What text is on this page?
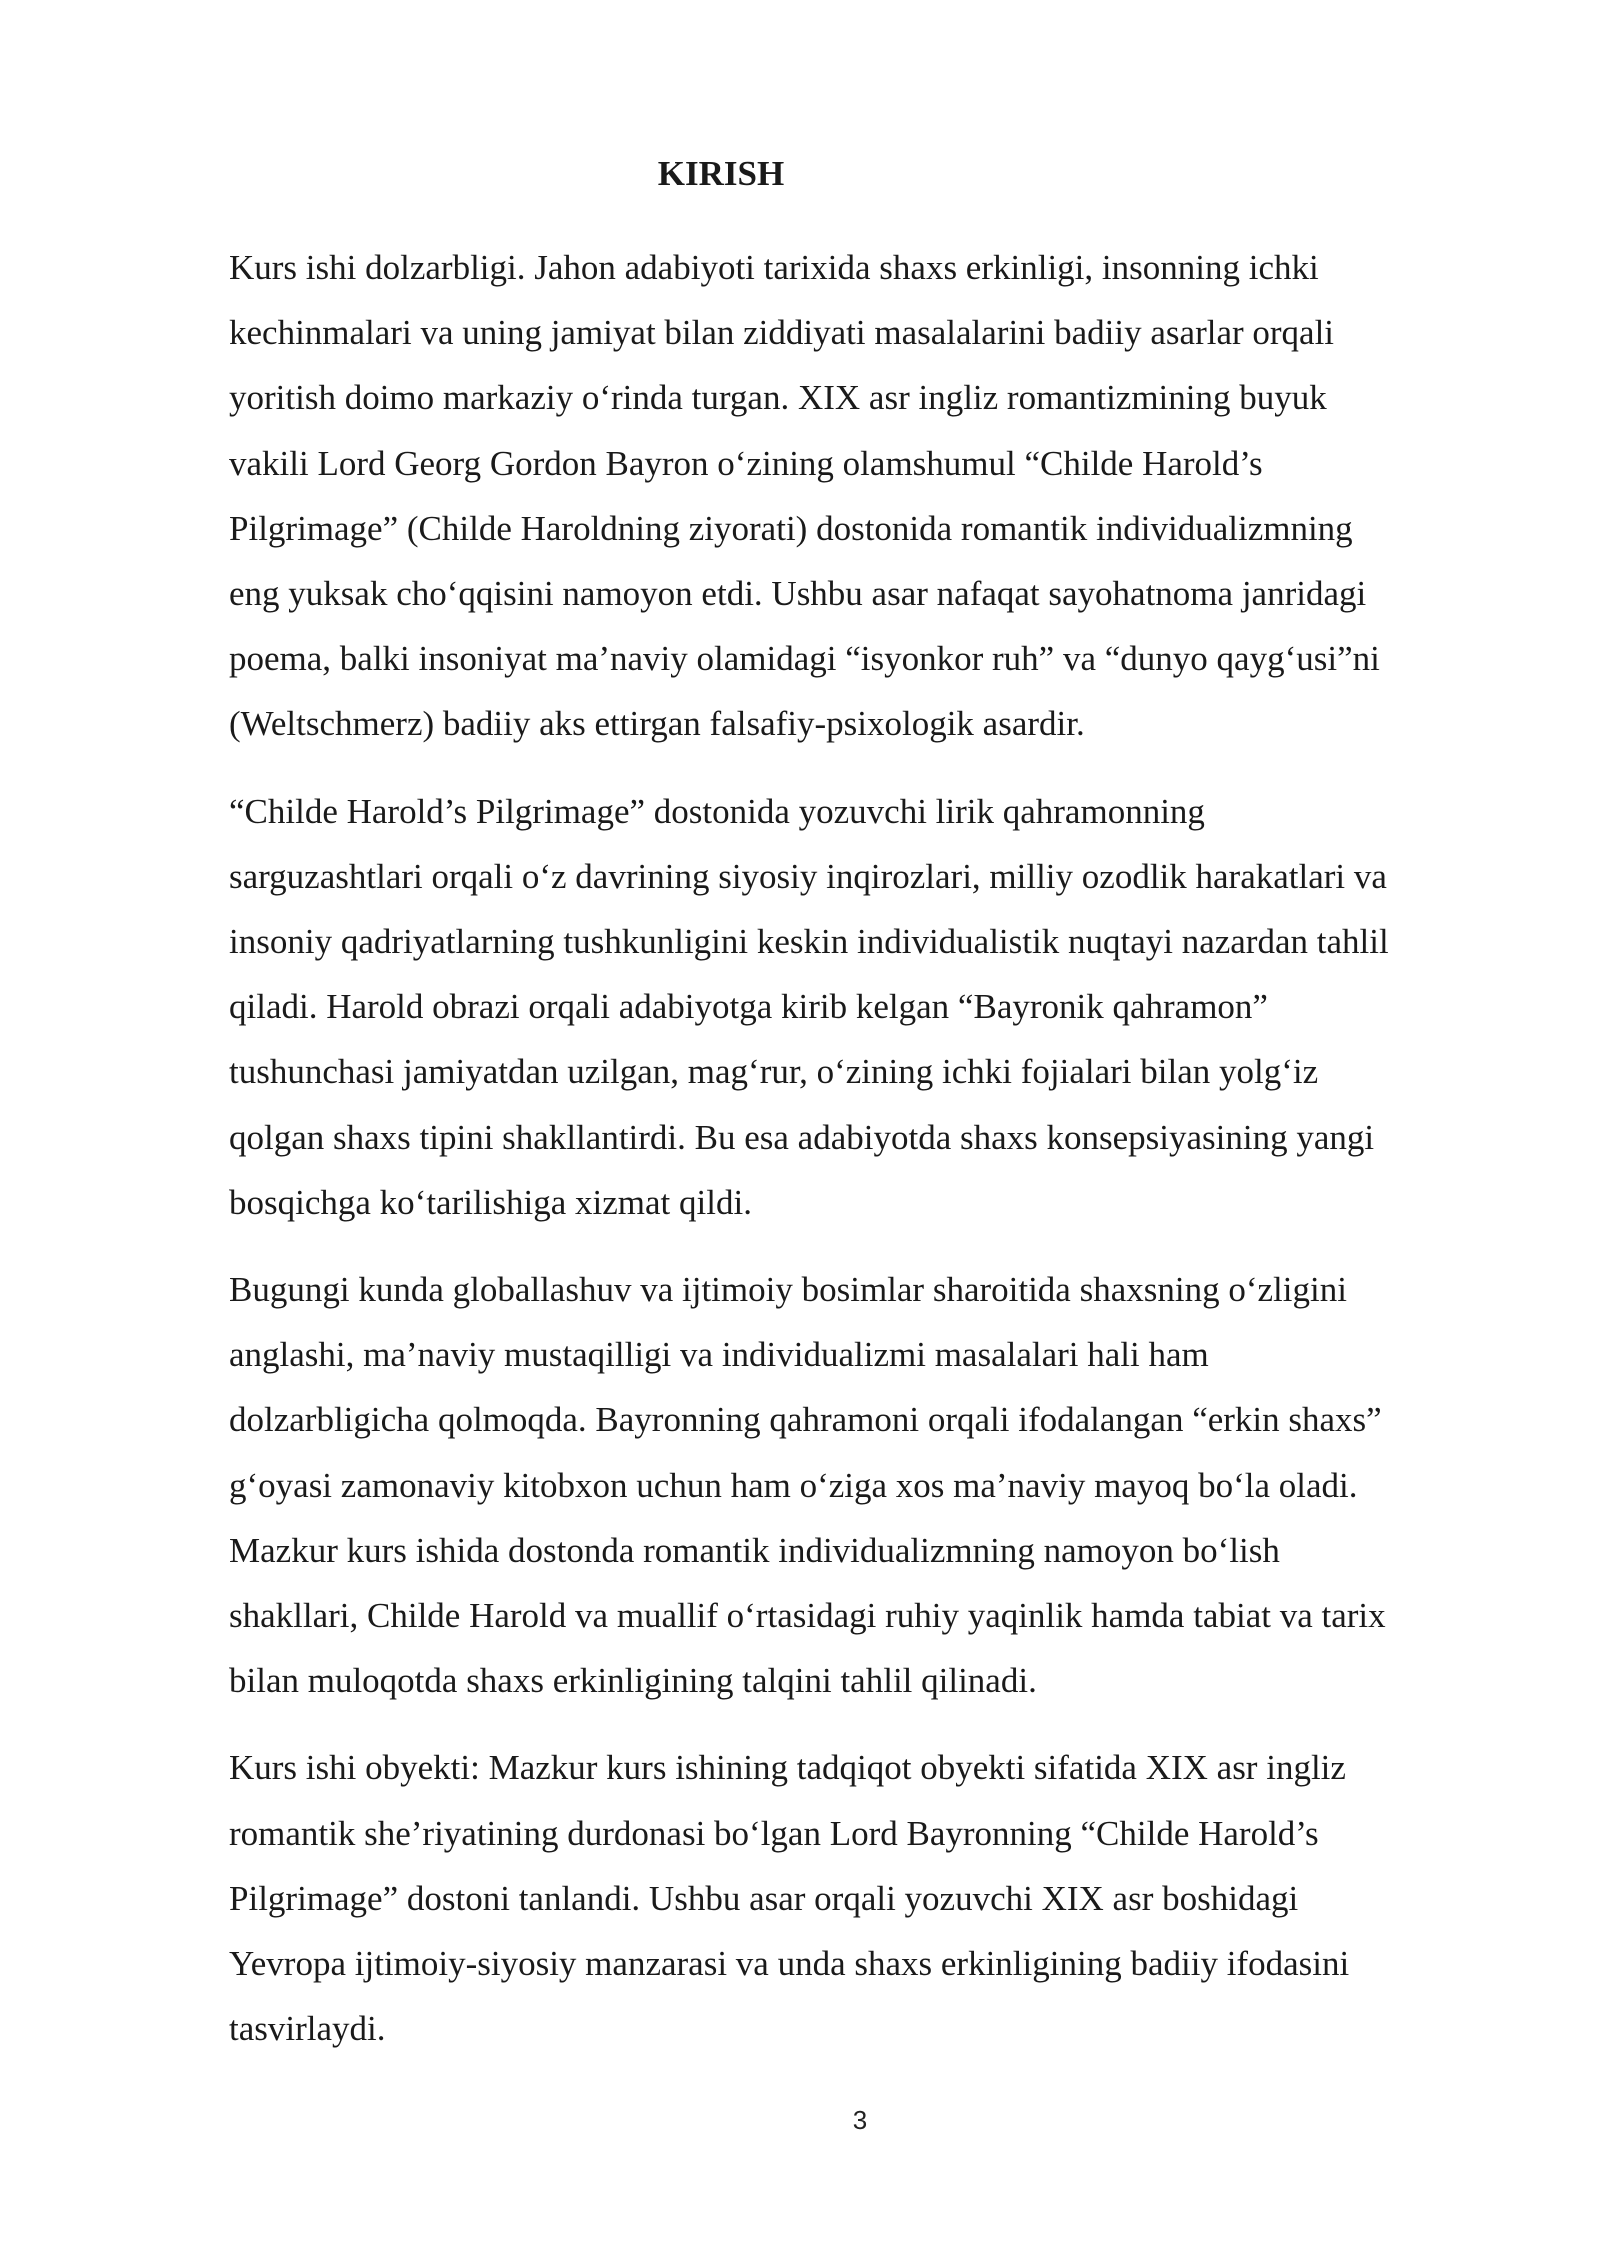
KIRISH

Kurs ishi dolzarbligi. Jahon adabiyoti tarixida shaxs erkinligi, insonning ichki
kechinmalari va uning jamiyat bilan ziddiyati masalalarini badiiy asarlar orqali
yoritish doimo markaziy o‘rinda turgan. XIX asr ingliz romantizmining buyuk
vakili Lord Georg Gordon Bayron o‘zining olamshumul “Childe Harold’s
Pilgrimage” (Childe Haroldning ziyorati) dostonida romantik individualizmning
eng yuksak cho‘qqisini namoyon etdi. Ushbu asar nafaqat sayohatnoma janridagi
poema, balki insoniyat ma’naviy olamidagi “isyonkor ruh” va “dunyo qayg‘usi”ni
(Weltschmerz) badiiy aks ettirgan falsafiy-psixologik asardir.

“Childe Harold’s Pilgrimage” dostonida yozuvchi lirik qahramonning
sarguzashtlari orqali o‘z davrining siyosiy inqirozlari, milliy ozodlik harakatlari va
insoniy qadriyatlarning tushkunligini keskin individualistik nuqtayi nazardan tahlil
qiladi. Harold obrazi orqali adabiyotga kirib kelgan “Bayronik qahramon”
tushunchasi jamiyatdan uzilgan, mag‘rur, o‘zining ichki fojialari bilan yolg‘iz
qolgan shaxs tipini shakllantirdi. Bu esa adabiyotda shaxs konsepsiyasining yangi
bosqichga ko‘tarilishiga xizmat qildi.

Bugungi kunda globallashuv va ijtimoiy bosimlar sharoitida shaxsning o‘zligini
anglashi, ma’naviy mustaqilligi va individualizmi masalalari hali ham
dolzarbligicha qolmoqda. Bayronning qahramoni orqali ifodalangan “erkin shaxs”
g‘oyasi zamonaviy kitobxon uchun ham o‘ziga xos ma’naviy mayoq bo‘la oladi.
Mazkur kurs ishida dostonda romantik individualizmning namoyon bo‘lish
shakllari, Childe Harold va muallif o‘rtasidagi ruhiy yaqinlik hamda tabiat va tarix
bilan muloqotda shaxs erkinligining talqini tahlil qilinadi.

Kurs ishi obyekti: Mazkur kurs ishining tadqiqot obyekti sifatida XIX asr ingliz
romantik she’riyatining durdonasi bo‘lgan Lord Bayronning “Childe Harold’s
Pilgrimage” dostoni tanlandi. Ushbu asar orqali yozuvchi XIX asr boshidagi
Yevropa ijtimoiy-siyosiy manzarasi va unda shaxs erkinligining badiiy ifodasini
tasvirlaydi.

3
